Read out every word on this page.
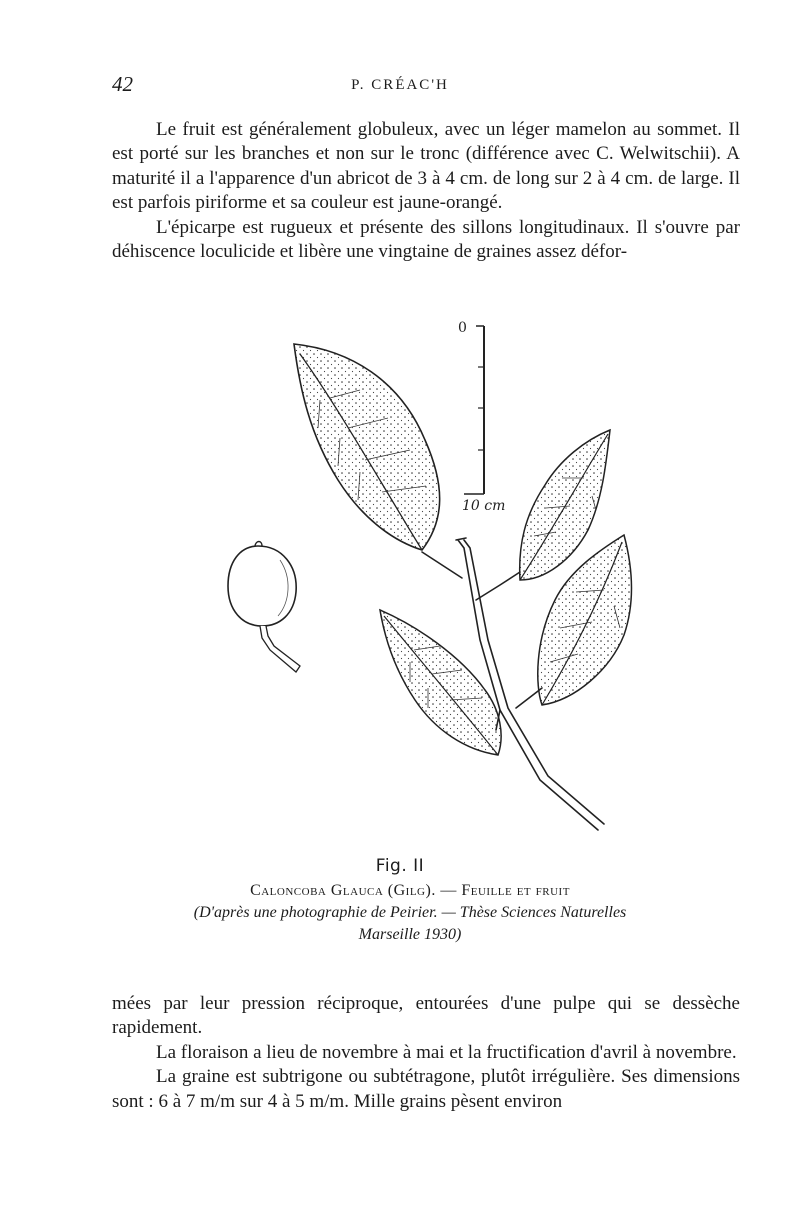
42	P. CRÉAC'H

Le fruit est généralement globuleux, avec un léger mamelon au sommet. Il est porté sur les branches et non sur le tronc (différence avec C. Welwitschii). A maturité il a l'apparence d'un abricot de 3 à 4 cm. de long sur 2 à 4 cm. de large. Il est parfois piriforme et sa couleur est jaune-orangé.

L'épicarpe est rugueux et présente des sillons longitudinaux. Il s'ouvre par déhiscence loculicide et libère une vingtaine de graines assez défor-

0
10 cm
Fig. II
Caloncoba Glauca (Gilg). — Feuille et fruit
(D'après une photographie de Peirier. — Thèse Sciences Naturelles
Marseille 1930)

mées par leur pression réciproque, entourées d'une pulpe qui se dessèche rapidement.

La floraison a lieu de novembre à mai et la fructification d'avril à novembre.

La graine est subtrigone ou subtétragone, plutôt irrégulière. Ses dimensions sont : 6 à 7 m/m sur 4 à 5 m/m. Mille grains pèsent environ
